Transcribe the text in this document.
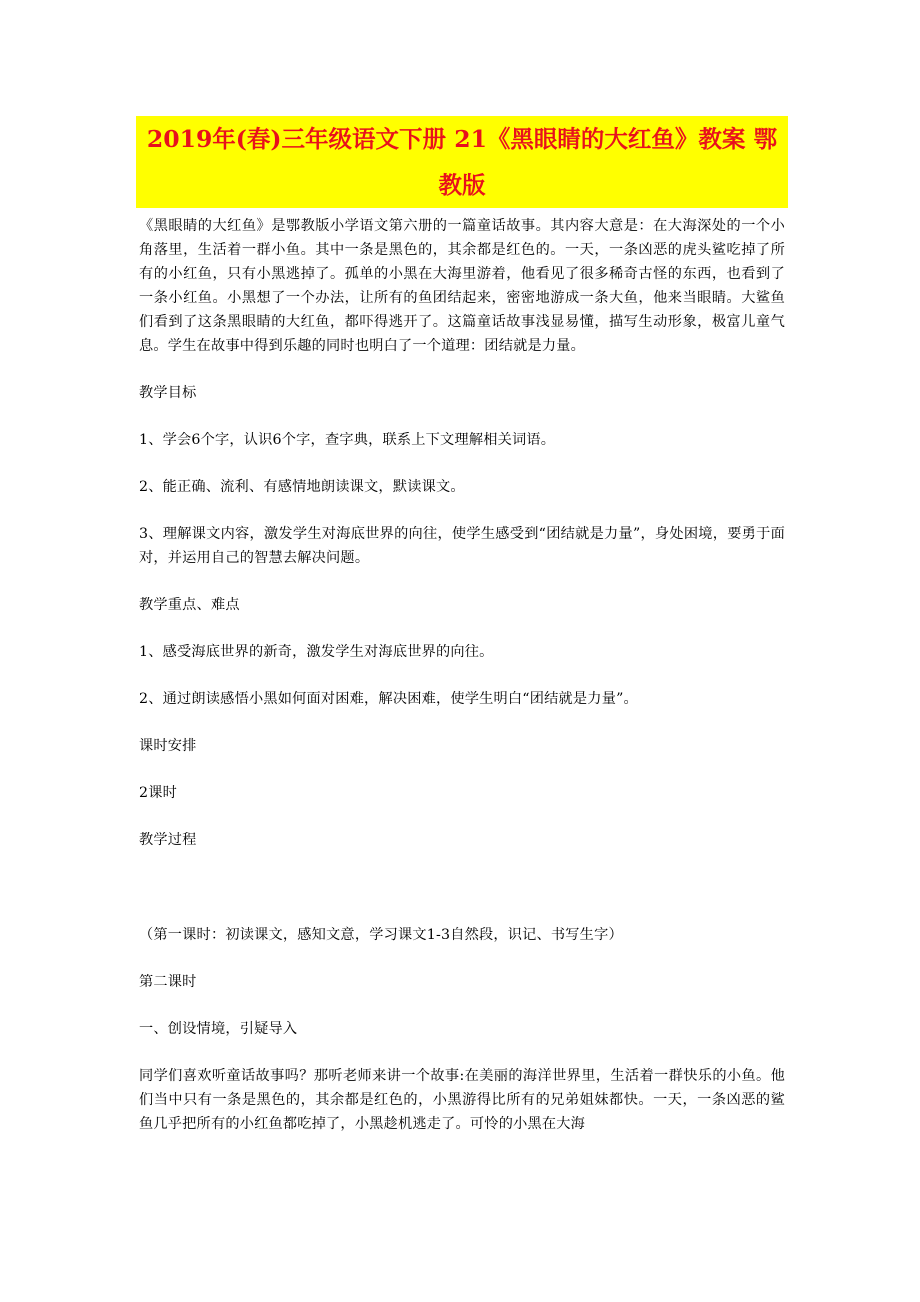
2019年(春)三年级语文下册 21《黑眼睛的大红鱼》教案 鄂教版

《黑眼睛的大红鱼》是鄂教版小学语文第六册的一篇童话故事。其内容大意是：在大海深处的一个小角落里，生活着一群小鱼。其中一条是黑色的，其余都是红色的。一天，一条凶恶的虎头鲨吃掉了所有的小红鱼，只有小黑逃掉了。孤单的小黑在大海里游着，他看见了很多稀奇古怪的东西，也看到了一条小红鱼。小黑想了一个办法，让所有的鱼团结起来，密密地游成一条大鱼，他来当眼睛。大鲨鱼们看到了这条黑眼睛的大红鱼，都吓得逃开了。这篇童话故事浅显易懂，描写生动形象，极富儿童气息。学生在故事中得到乐趣的同时也明白了一个道理：团结就是力量。

教学目标

1、学会6个字，认识6个字，查字典，联系上下文理解相关词语。

2、能正确、流利、有感情地朗读课文，默读课文。

3、理解课文内容，激发学生对海底世界的向往，使学生感受到“团结就是力量”，身处困境，要勇于面对，并运用自己的智慧去解决问题。

教学重点、难点

1、感受海底世界的新奇，激发学生对海底世界的向往。

2、通过朗读感悟小黑如何面对困难，解决困难，使学生明白“团结就是力量”。

课时安排

2课时

教学过程

（第一课时：初读课文，感知文意，学习课文1-3自然段，识记、书写生字）

第二课时

一、创设情境，引疑导入

同学们喜欢听童话故事吗？那听老师来讲一个故事:在美丽的海洋世界里，生活着一群快乐的小鱼。他们当中只有一条是黑色的，其余都是红色的，小黑游得比所有的兄弟姐妹都快。一天，一条凶恶的鲨鱼几乎把所有的小红鱼都吃掉了，小黑趁机逃走了。可怜的小黑在大海
